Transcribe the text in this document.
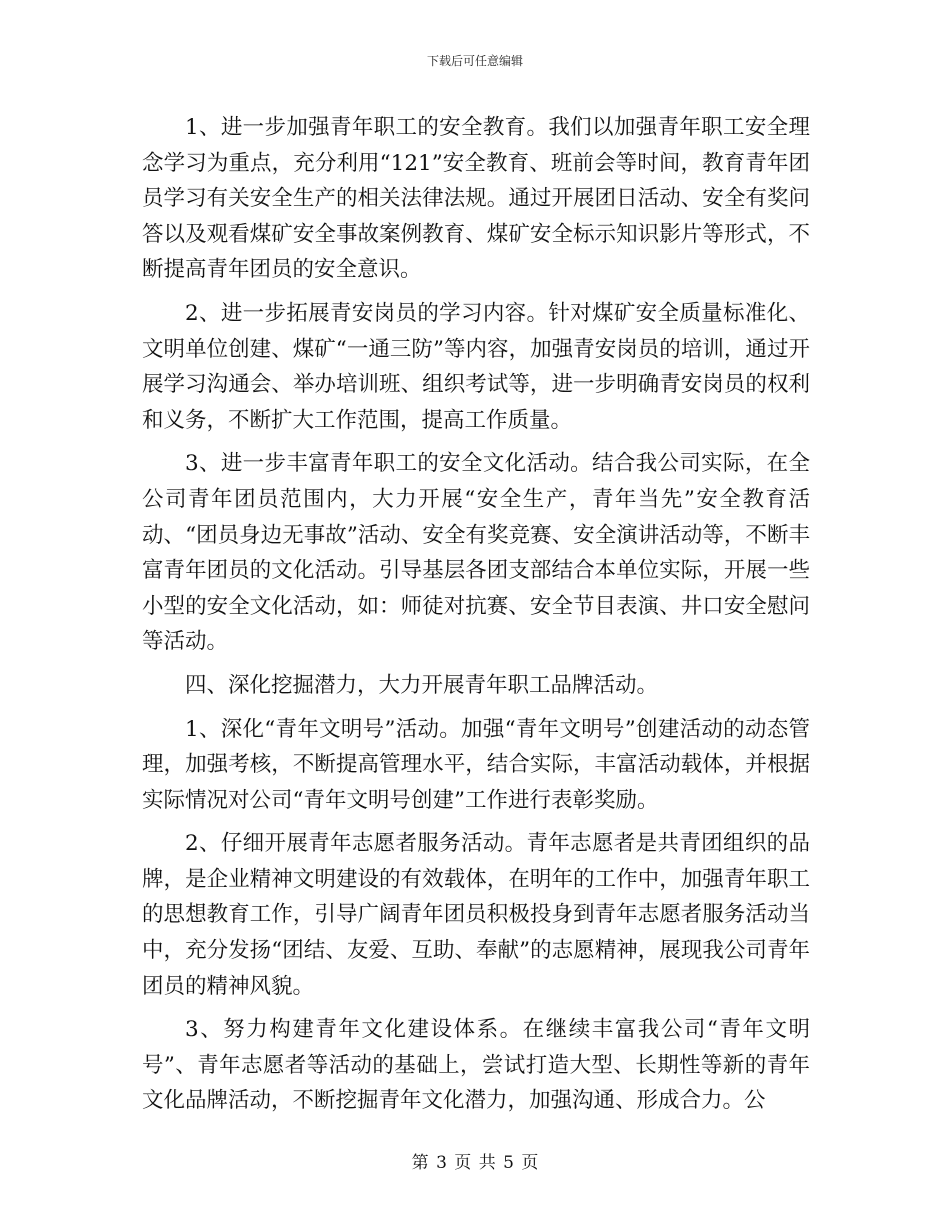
下载后可任意编辑

1、进一步加强青年职工的安全教育。我们以加强青年职工安全理念学习为重点，充分利用“121”安全教育、班前会等时间，教育青年团员学习有关安全生产的相关法律法规。通过开展团日活动、安全有奖问答以及观看煤矿安全事故案例教育、煤矿安全标示知识影片等形式，不断提高青年团员的安全意识。

2、进一步拓展青安岗员的学习内容。针对煤矿安全质量标准化、文明单位创建、煤矿“一通三防”等内容，加强青安岗员的培训，通过开展学习沟通会、举办培训班、组织考试等，进一步明确青安岗员的权利和义务，不断扩大工作范围，提高工作质量。

3、进一步丰富青年职工的安全文化活动。结合我公司实际，在全公司青年团员范围内，大力开展“安全生产，青年当先”安全教育活动、“团员身边无事故”活动、安全有奖竞赛、安全演讲活动等，不断丰富青年团员的文化活动。引导基层各团支部结合本单位实际，开展一些小型的安全文化活动，如：师徒对抗赛、安全节目表演、井口安全慰问等活动。

四、深化挖掘潜力，大力开展青年职工品牌活动。

1、深化“青年文明号”活动。加强“青年文明号”创建活动的动态管理，加强考核，不断提高管理水平，结合实际，丰富活动载体，并根据实际情况对公司“青年文明号创建”工作进行表彰奖励。

2、仔细开展青年志愿者服务活动。青年志愿者是共青团组织的品牌，是企业精神文明建设的有效载体，在明年的工作中，加强青年职工的思想教育工作，引导广阔青年团员积极投身到青年志愿者服务活动当中，充分发扬“团结、友爱、互助、奉献”的志愿精神，展现我公司青年团员的精神风貌。

3、努力构建青年文化建设体系。在继续丰富我公司“青年文明号”、青年志愿者等活动的基础上，尝试打造大型、长期性等新的青年文化品牌活动，不断挖掘青年文化潜力，加强沟通、形成合力。公

第 3 页 共 5 页
